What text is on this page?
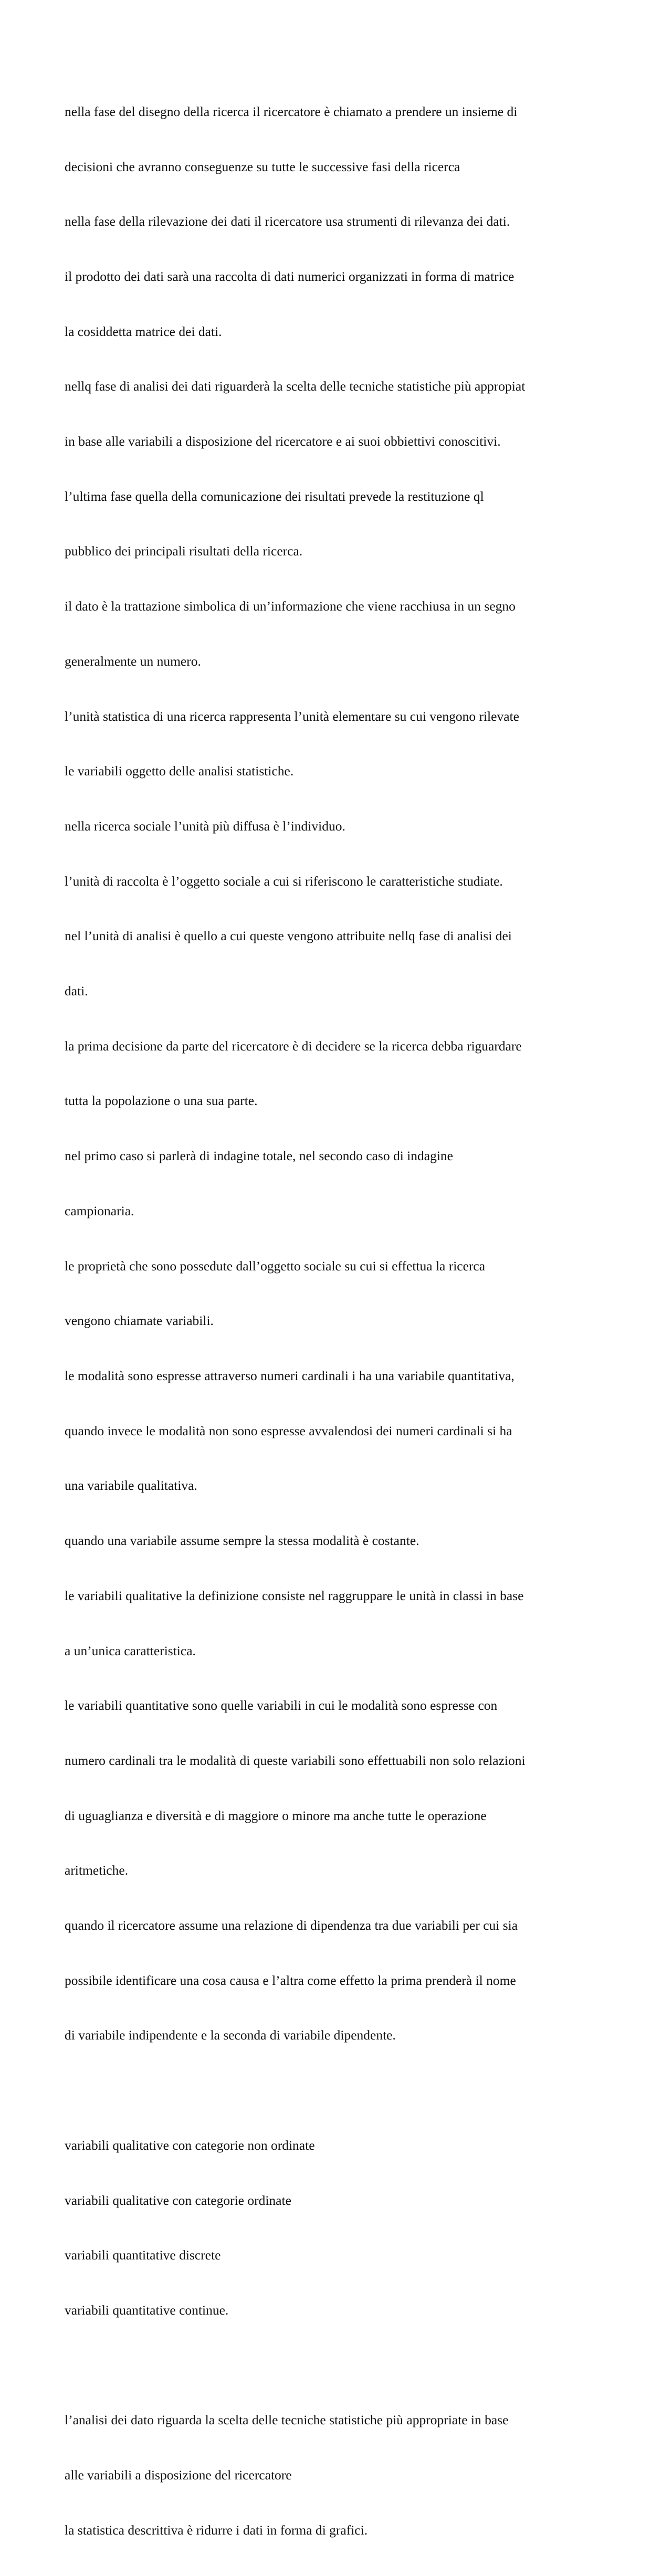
nella fase del disegno della ricerca il ricercatore è chiamato a prendere un insieme di

decisioni che avranno conseguenze su tutte le successive fasi della ricerca

nella fase della rilevazione dei dati il ricercatore usa strumenti di rilevanza dei dati.

il prodotto dei dati sarà una raccolta di dati numerici organizzati in forma di matrice

la cosiddetta matrice dei dati.

nellq fase di analisi dei dati riguarderà la scelta delle tecniche statistiche più appropiat

in base alle variabili a disposizione del ricercatore e ai suoi obbiettivi conoscitivi.

l’ultima fase quella della comunicazione dei risultati prevede la restituzione ql

pubblico dei principali risultati della ricerca.

il dato è la trattazione simbolica di un’informazione che viene racchiusa in un segno

generalmente un numero.

l’unità statistica di una ricerca rappresenta l’unità elementare su cui vengono rilevate

le variabili oggetto delle analisi statistiche.

nella ricerca sociale l’unità più diffusa è l’individuo.

l’unità di raccolta è l’oggetto sociale a cui si riferiscono le caratteristiche studiate.

nel l’unità di analisi è quello a cui queste vengono attribuite nellq fase di analisi dei

dati.

la prima decisione da parte del ricercatore è di decidere se la ricerca debba riguardare

tutta la popolazione o una sua parte.

nel primo caso si parlerà di indagine totale, nel secondo caso di indagine

campionaria.

le proprietà che sono possedute dall’oggetto sociale su cui si effettua la ricerca

vengono chiamate variabili.

le modalità sono espresse attraverso numeri cardinali i ha una variabile quantitativa,

quando invece le modalità non sono espresse avvalendosi dei numeri cardinali si ha

una variabile qualitativa.

quando una variabile assume sempre la stessa modalità è costante.

le variabili qualitative la definizione consiste nel raggruppare le unità in classi in base

a un’unica caratteristica.

le variabili quantitative sono quelle variabili in cui le modalità sono espresse con

numero cardinali tra le modalità di queste variabili sono effettuabili non solo relazioni

di uguaglianza e diversità e di maggiore o minore ma anche tutte le operazione

aritmetiche.

quando il ricercatore assume una relazione di dipendenza tra due variabili per cui sia

possibile identificare una cosa causa e l’altra come effetto la prima prenderà il nome

di variabile indipendente e la seconda di variabile dipendente.

variabili qualitative con categorie non ordinate

variabili qualitative con categorie ordinate

variabili quantitative discrete

variabili quantitative continue.

l’analisi dei dato riguarda la scelta delle tecniche statistiche più appropriate in base

alle variabili a disposizione del ricercatore

la statistica descrittiva è ridurre i dati in forma di grafici.
